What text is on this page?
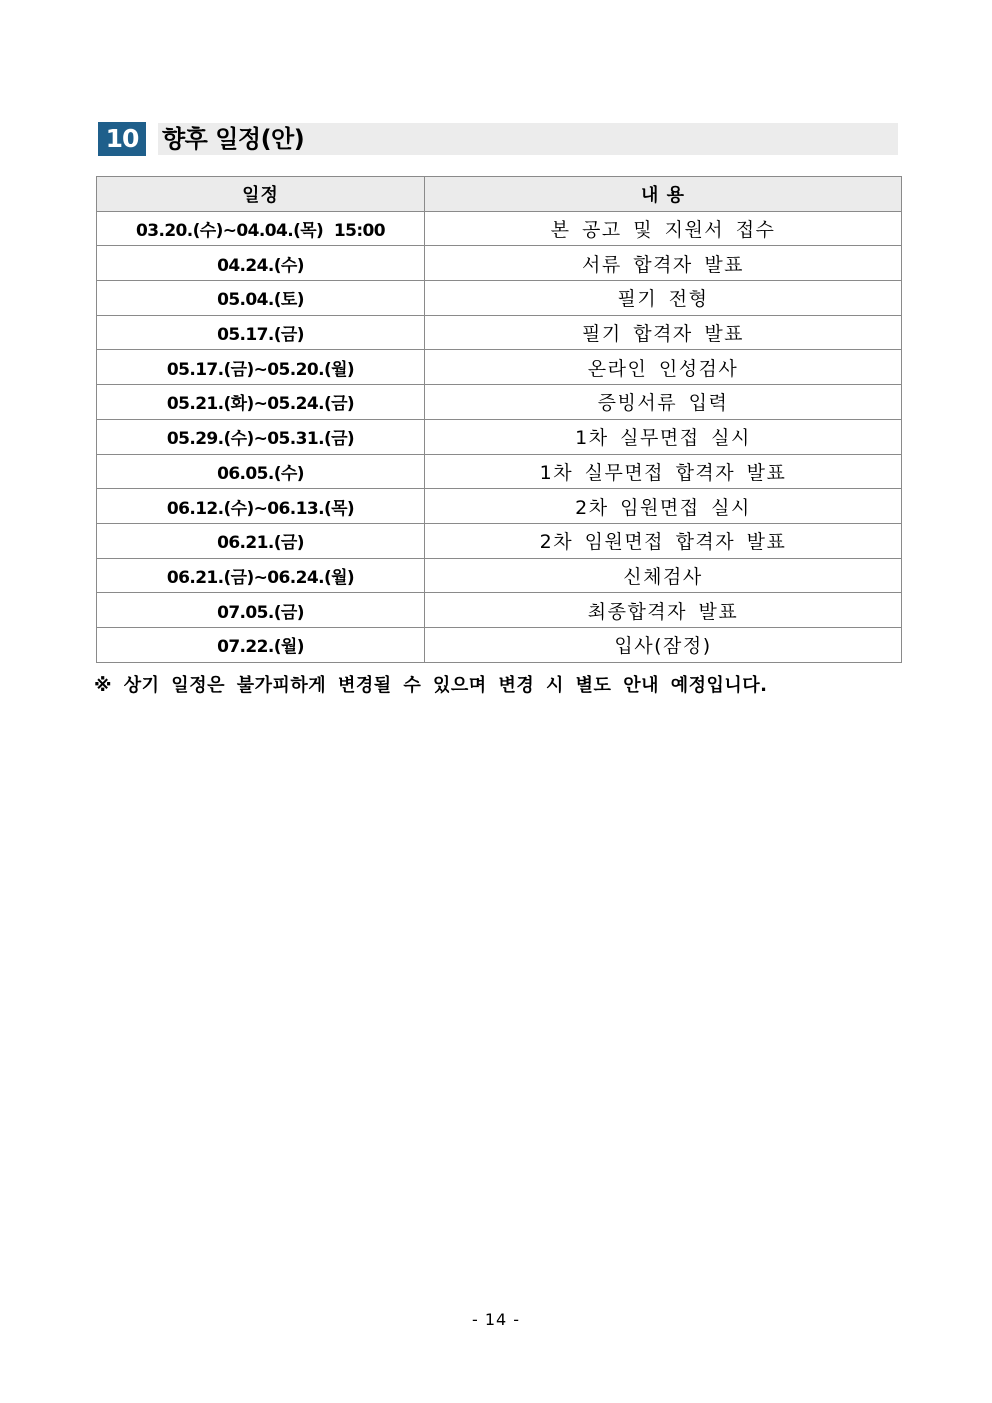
10 향후 일정(안)
일정	내 용
03.20.(수)~04.04.(목)  15:00	본 공고 및 지원서 접수
04.24.(수)	서류 합격자 발표
05.04.(토)	필기 전형
05.17.(금)	필기 합격자 발표
05.17.(금)~05.20.(월)	온라인 인성검사
05.21.(화)~05.24.(금)	증빙서류 입력
05.29.(수)~05.31.(금)	1차 실무면접 실시
06.05.(수)	1차 실무면접 합격자 발표
06.12.(수)~06.13.(목)	2차 임원면접 실시
06.21.(금)	2차 임원면접 합격자 발표
06.21.(금)~06.24.(월)	신체검사
07.05.(금)	최종합격자 발표
07.22.(월)	입사(잠정)
※ 상기 일정은 불가피하게 변경될 수 있으며 변경 시 별도 안내 예정입니다.
- 14 -
